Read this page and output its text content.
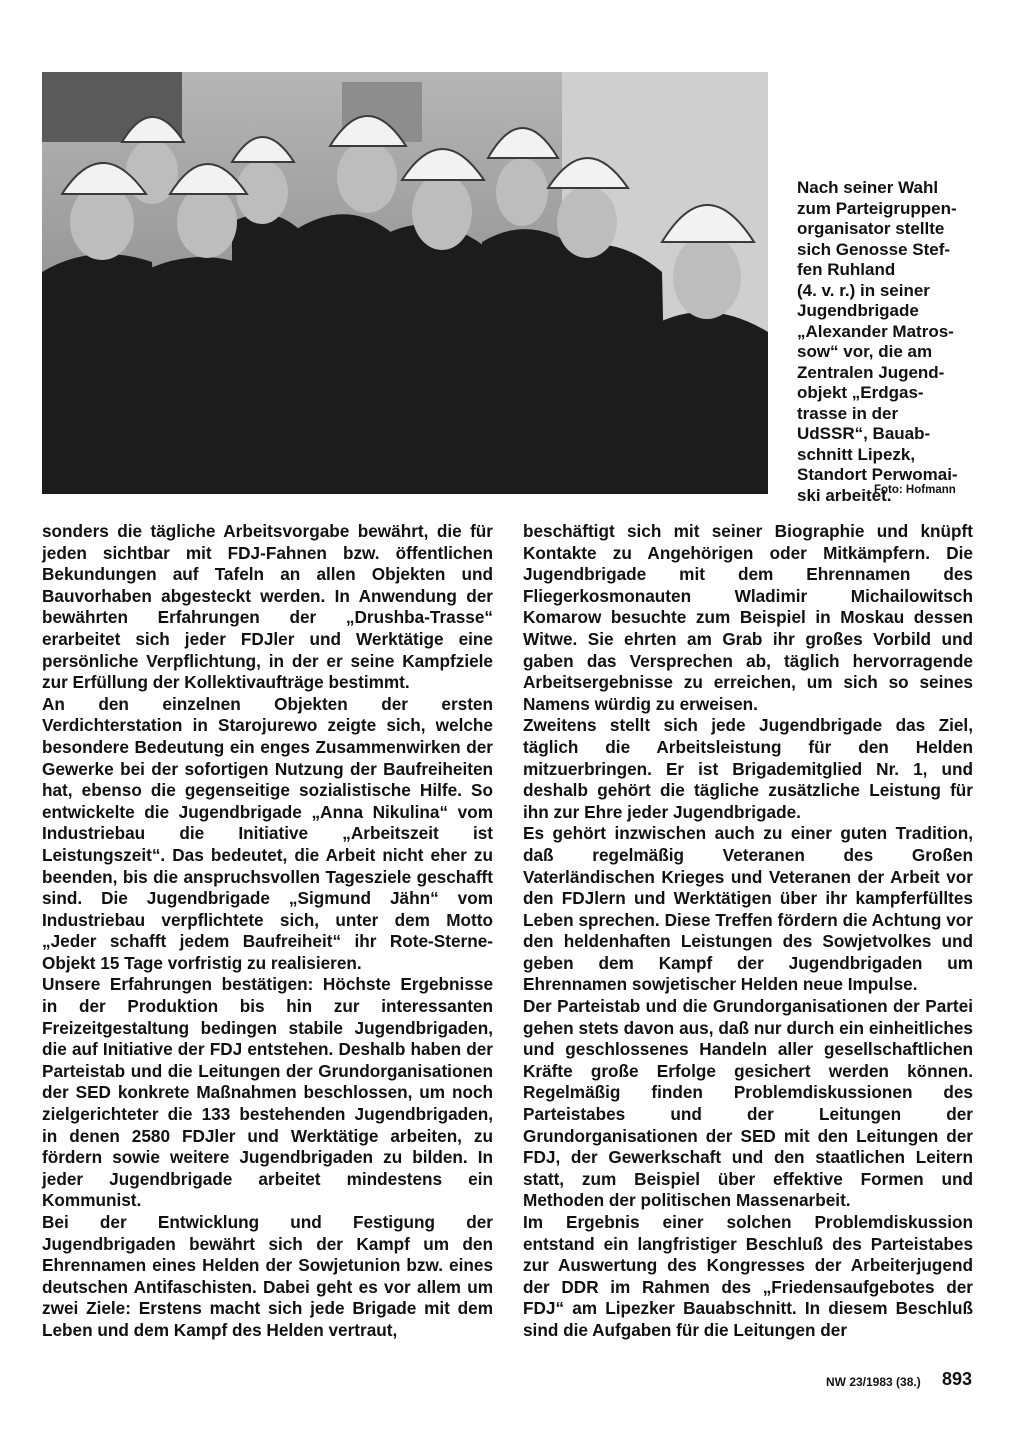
Nach seiner Wahl
zum Parteigruppen-
organisator stellte
sich Genosse Stef-
fen Ruhland
(4. v. r.) in seiner
Jugendbrigade
„Alexander Matros-
sow“ vor, die am
Zentralen Jugend-
objekt „Erdgas-
trasse in der
UdSSR“, Bauab-
schnitt Lipezk,
Standort Perwomai-
ski arbeitet.
Foto: Hofmann

sonders die tägliche Arbeitsvorgabe bewährt, die für jeden sichtbar mit FDJ-Fahnen bzw. öffentlichen Bekundungen auf Tafeln an allen Objekten und Bauvorhaben abgesteckt werden. In Anwendung der bewährten Erfahrungen der „Drushba-Trasse“ erarbeitet sich jeder FDJler und Werktätige eine persönliche Verpflichtung, in der er seine Kampfziele zur Erfüllung der Kollektivaufträge bestimmt.

An den einzelnen Objekten der ersten Verdichterstation in Starojurewo zeigte sich, welche besondere Bedeutung ein enges Zusammenwirken der Gewerke bei der sofortigen Nutzung der Baufreiheiten hat, ebenso die gegenseitige sozialistische Hilfe. So entwickelte die Jugendbrigade „Anna Nikulina“ vom Industriebau die Initiative „Arbeitszeit ist Leistungszeit“. Das bedeutet, die Arbeit nicht eher zu beenden, bis die anspruchsvollen Tagesziele geschafft sind. Die Jugendbrigade „Sigmund Jähn“ vom Industriebau verpflichtete sich, unter dem Motto „Jeder schafft jedem Baufreiheit“ ihr Rote-Sterne-Objekt 15 Tage vorfristig zu realisieren.

Unsere Erfahrungen bestätigen: Höchste Ergebnisse in der Produktion bis hin zur interessanten Freizeitgestaltung bedingen stabile Jugendbrigaden, die auf Initiative der FDJ entstehen. Deshalb haben der Parteistab und die Leitungen der Grundorganisationen der SED konkrete Maßnahmen beschlossen, um noch zielgerichteter die 133 bestehenden Jugendbrigaden, in denen 2580 FDJler und Werktätige arbeiten, zu fördern sowie weitere Jugendbrigaden zu bilden. In jeder Jugendbrigade arbeitet mindestens ein Kommunist.

Bei der Entwicklung und Festigung der Jugendbrigaden bewährt sich der Kampf um den Ehrennamen eines Helden der Sowjetunion bzw. eines deutschen Antifaschisten. Dabei geht es vor allem um zwei Ziele: Erstens macht sich jede Brigade mit dem Leben und dem Kampf des Helden vertraut,

beschäftigt sich mit seiner Biographie und knüpft Kontakte zu Angehörigen oder Mitkämpfern. Die Jugendbrigade mit dem Ehrennamen des Fliegerkosmonauten Wladimir Michailowitsch Komarow besuchte zum Beispiel in Moskau dessen Witwe. Sie ehrten am Grab ihr großes Vorbild und gaben das Versprechen ab, täglich hervorragende Arbeitsergebnisse zu erreichen, um sich so seines Namens würdig zu erweisen.

Zweitens stellt sich jede Jugendbrigade das Ziel, täglich die Arbeitsleistung für den Helden mitzuerbringen. Er ist Brigademitglied Nr. 1, und deshalb gehört die tägliche zusätzliche Leistung für ihn zur Ehre jeder Jugendbrigade.

Es gehört inzwischen auch zu einer guten Tradition, daß regelmäßig Veteranen des Großen Vaterländischen Krieges und Veteranen der Arbeit vor den FDJlern und Werktätigen über ihr kampferfülltes Leben sprechen. Diese Treffen fördern die Achtung vor den heldenhaften Leistungen des Sowjetvolkes und geben dem Kampf der Jugendbrigaden um Ehrennamen sowjetischer Helden neue Impulse.

Der Parteistab und die Grundorganisationen der Partei gehen stets davon aus, daß nur durch ein einheitliches und geschlossenes Handeln aller gesellschaftlichen Kräfte große Erfolge gesichert werden können. Regelmäßig finden Problemdiskussionen des Parteistabes und der Leitungen der Grundorganisationen der SED mit den Leitungen der FDJ, der Gewerkschaft und den staatlichen Leitern statt, zum Beispiel über effektive Formen und Methoden der politischen Massenarbeit.

Im Ergebnis einer solchen Problemdiskussion entstand ein langfristiger Beschluß des Parteistabes zur Auswertung des Kongresses der Arbeiterjugend der DDR im Rahmen des „Friedensaufgebotes der FDJ“ am Lipezker Bauabschnitt. In diesem Beschluß sind die Aufgaben für die Leitungen der

NW 23/1983 (38.) 893
